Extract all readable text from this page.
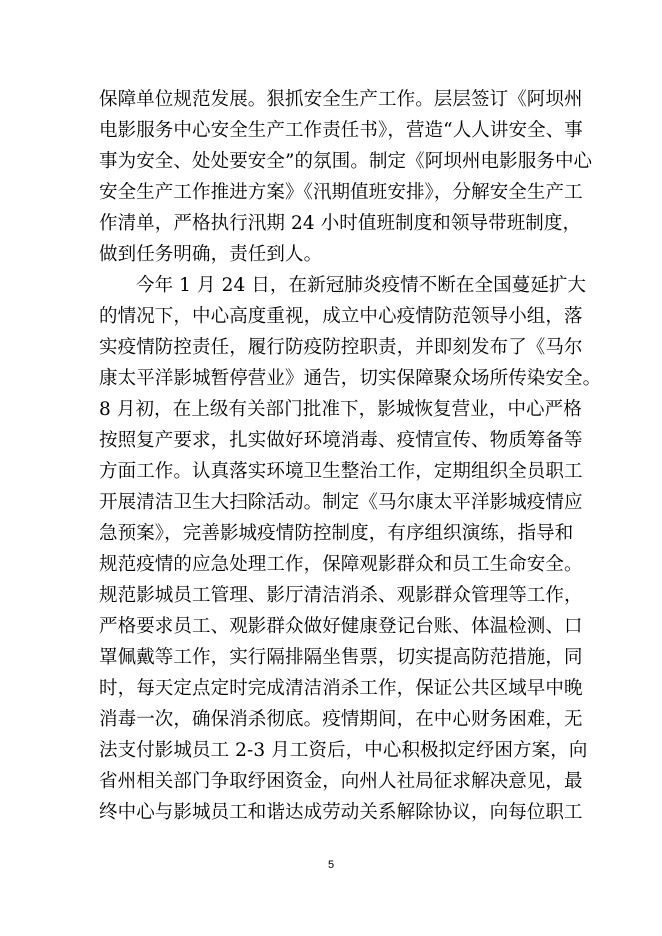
保障单位规范发展。狠抓安全生产工作。层层签订《阿坝州
电影服务中心安全生产工作责任书》，营造“人人讲安全、事
事为安全、处处要安全”的氛围。制定《阿坝州电影服务中心
安全生产工作推进方案》《汛期值班安排》，分解安全生产工
作清单，严格执行汛期 24 小时值班制度和领导带班制度，
做到任务明确，责任到人。
今年 1 月 24 日，在新冠肺炎疫情不断在全国蔓延扩大
的情况下，中心高度重视，成立中心疫情防范领导小组，落
实疫情防控责任，履行防疫防控职责，并即刻发布了《马尔
康太平洋影城暂停营业》通告，切实保障聚众场所传染安全。
8 月初，在上级有关部门批准下，影城恢复营业，中心严格
按照复产要求，扎实做好环境消毒、疫情宣传、物质筹备等
方面工作。认真落实环境卫生整治工作，定期组织全员职工
开展清洁卫生大扫除活动。制定《马尔康太平洋影城疫情应
急预案》，完善影城疫情防控制度，有序组织演练，指导和
规范疫情的应急处理工作，保障观影群众和员工生命安全。
规范影城员工管理、影厅清洁消杀、观影群众管理等工作，
严格要求员工、观影群众做好健康登记台账、体温检测、口
罩佩戴等工作，实行隔排隔坐售票，切实提高防范措施，同
时，每天定点定时完成清洁消杀工作，保证公共区域早中晚
消毒一次，确保消杀彻底。疫情期间，在中心财务困难，无
法支付影城员工 2-3 月工资后，中心积极拟定纾困方案，向
省州相关部门争取纾困资金，向州人社局征求解决意见，最
终中心与影城员工和谐达成劳动关系解除协议，向每位职工
5
